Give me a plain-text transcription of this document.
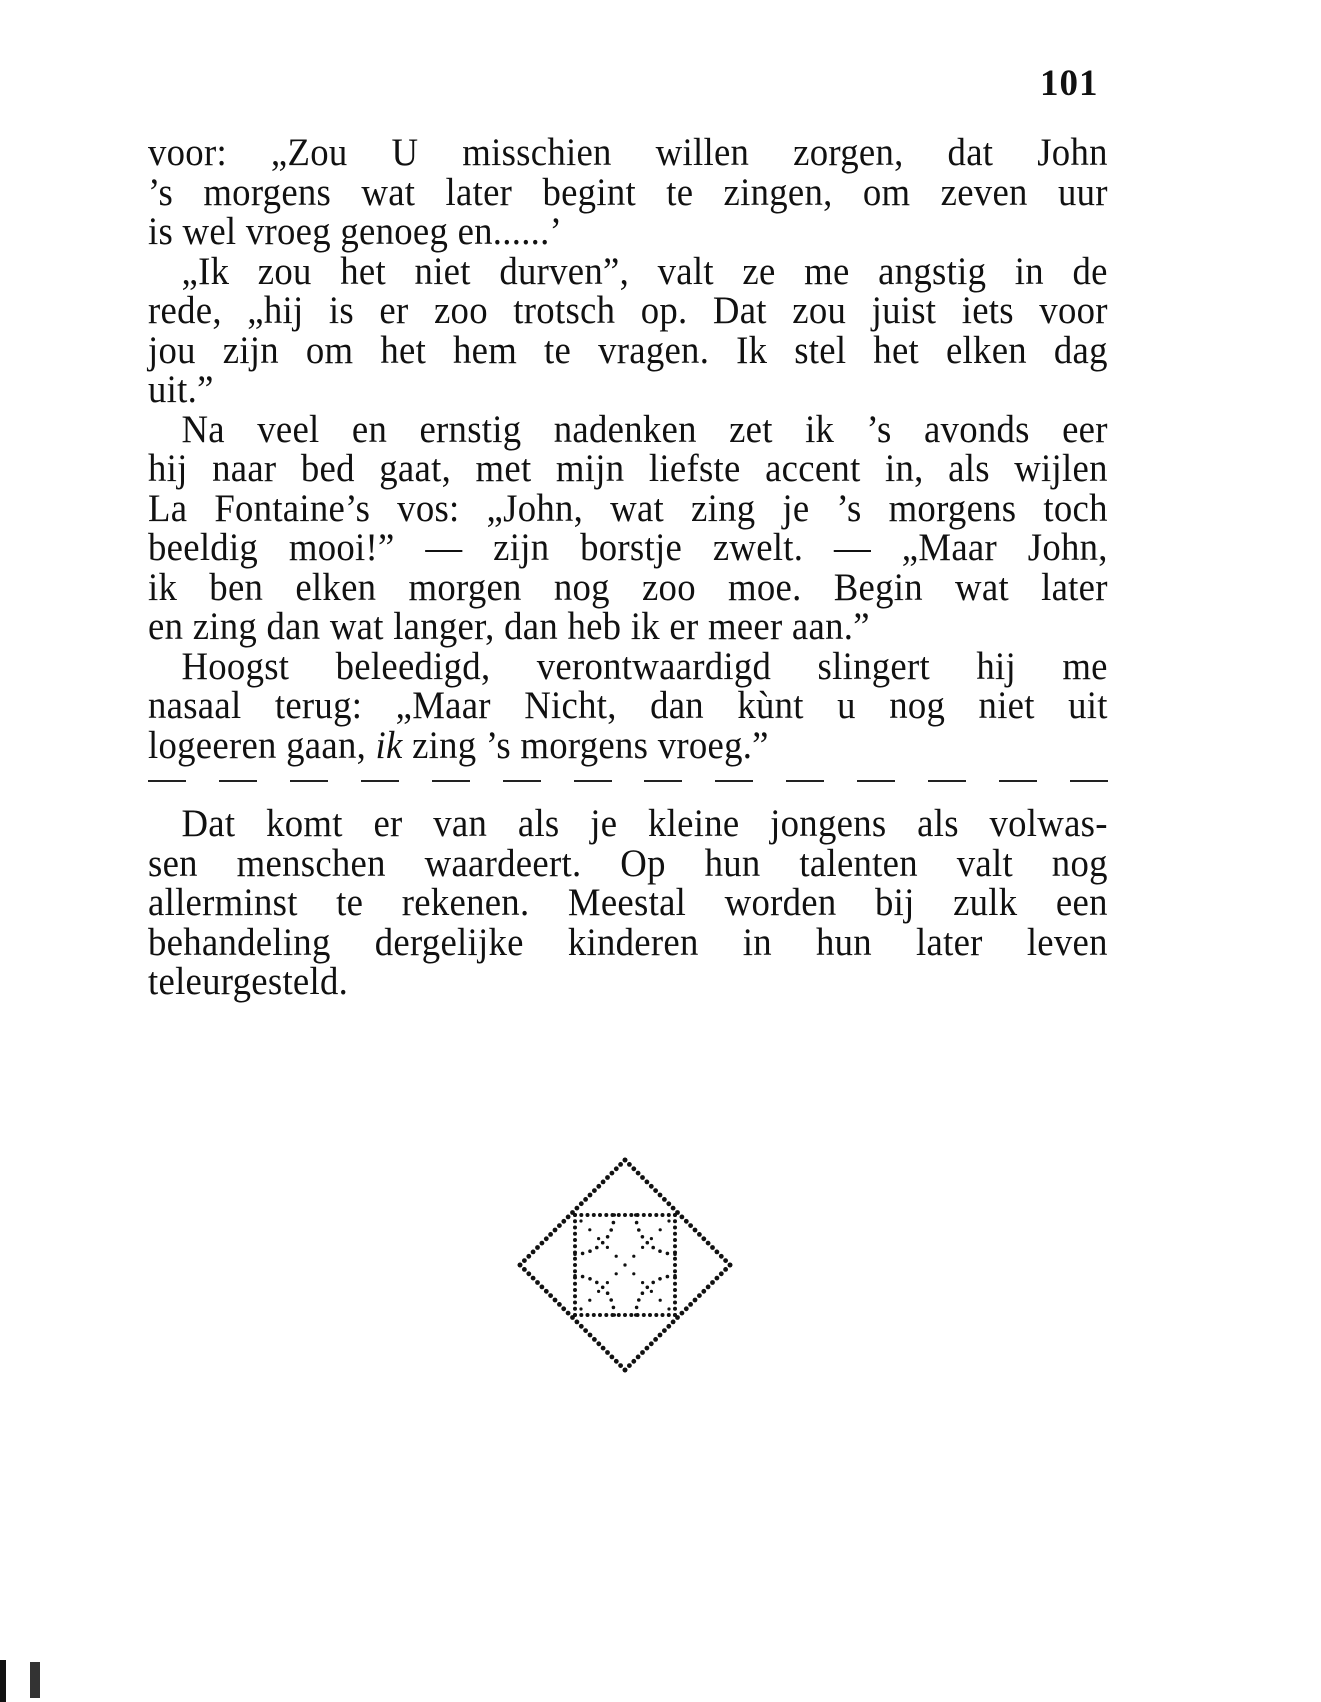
101
voor: „Zou U misschien willen zorgen, dat John
’s morgens wat later begint te zingen, om zeven uur
is wel vroeg genoeg en......’
„Ik zou het niet durven”, valt ze me angstig in de
rede, „hij is er zoo trotsch op. Dat zou juist iets voor
jou zijn om het hem te vragen. Ik stel het elken dag
uit.”
Na veel en ernstig nadenken zet ik ’s avonds eer
hij naar bed gaat, met mijn liefste accent in, als wijlen
La Fontaine’s vos: „John, wat zing je ’s morgens toch
beeldig mooi!” — zijn borstje zwelt. — „Maar John,
ik ben elken morgen nog zoo moe. Begin wat later
en zing dan wat langer, dan heb ik er meer aan.”
Hoogst beleedigd, verontwaardigd slingert hij me
nasaal terug: „Maar Nicht, dan kùnt u nog niet uit
logeeren gaan, ik zing ’s morgens vroeg.”
Dat komt er van als je kleine jongens als volwas-
sen menschen waardeert. Op hun talenten valt nog
allerminst te rekenen. Meestal worden bij zulk een
behandeling dergelijke kinderen in hun later leven
teleurgesteld.
